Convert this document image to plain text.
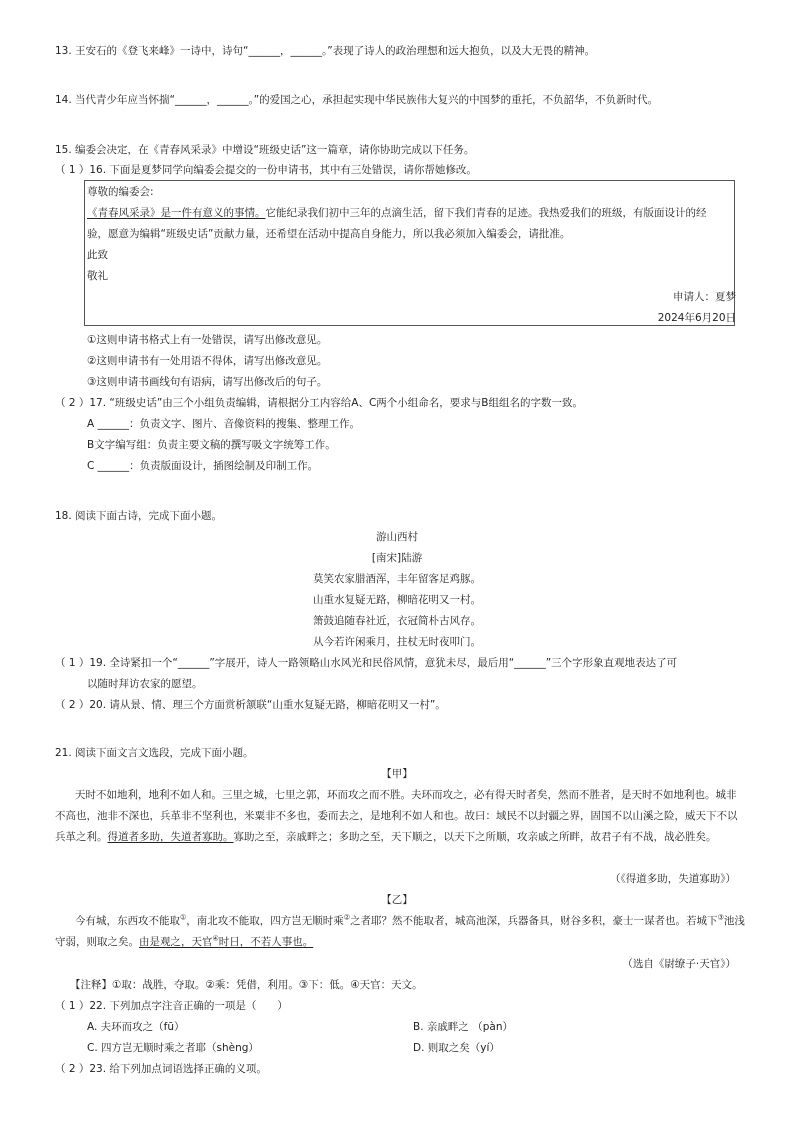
13. 王安石的《登飞来峰》一诗中，诗句“______，______。”表现了诗人的政治理想和远大抱负，以及大无畏的精神。
14. 当代青少年应当怀揣“______，______。”的爱国之心，承担起实现中华民族伟大复兴的中国梦的重托，不负韶华，不负新时代。
15. 编委会决定，在《青春风采录》中增设“班级史话”这一篇章，请你协助完成以下任务。
（ 1 ）16. 下面是夏梦同学向编委会提交的一份申请书，其中有三处错误，请你帮她修改。
尊敬的编委会:
《青春风采录》是一件有意义的事情。它能纪录我们初中三年的点滴生活，留下我们青春的足迹。我热爱我们的班级，有版面设计的经
验，愿意为编辑“班级史话”贡献力量，还希望在活动中提高自身能力，所以我必须加入编委会，请批准。
此致
敬礼
申请人：夏梦
2024年6月20日
①这则申请书格式上有一处错误，请写出修改意见。
②这则申请书有一处用语不得体，请写出修改意见。
③这则申请书画线句有语病，请写出修改后的句子。
（ 2 ）17. “班级史话”由三个小组负责编辑，请根据分工内容给A、C两个小组命名，要求与B组组名的字数一致。
A ______：负责文字、图片、音像资料的搜集、整理工作。
B文字编写组：负责主要文稿的撰写吸文字统筹工作。
C ______：负责版面设计，插图绘制及印制工作。
18. 阅读下面古诗，完成下面小题。
游山西村
[南宋]陆游
莫笑农家腊酒浑，丰年留客足鸡豚。
山重水复疑无路，柳暗花明又一村。
箫鼓追随春社近，衣冠简朴古风存。
从今若许闲乘月，拄杖无时夜叩门。
（ 1 ）19. 全诗紧扣一个“______”字展开，诗人一路领略山水风光和民俗风情，意犹未尽，最后用“______”三个字形象直观地表达了可
以随时拜访农家的愿望。
（ 2 ）20. 请从景、情、理三个方面赏析颔联“山重水复疑无路，柳暗花明又一村”。
21. 阅读下面文言文选段，完成下面小题。
【甲】
天时不如地利，地利不如人和。三里之城，七里之郭，环而攻之而不胜。夫环而攻之，必有得天时者矣，然而不胜者，是天时不如地利也。城非不高也，池非不深也，兵革非不坚利也，米粟非不多也，委而去之，是地利不如人和也。故曰：域民不以封疆之界，固国不以山溪之险，威天下不以兵革之利。得道者多助，失道者寡助。寡助之至，亲戚畔之；多助之至，天下顺之，以天下之所顺，攻亲戚之所畔，故君子有不战，战必胜矣。
（《得道多助，失道寡助》）
【乙】
今有城，东西攻不能取①，南北攻不能取，四方岂无顺时乘②之者耶？然不能取者，城高池深，兵器备具，财谷多积，豪士一谋者也。若城下③池浅守弱，则取之矣。由是观之，天官④时日，不若人事也。
（选自《尉缭子·天官》）
【注释】①取：战胜，夺取。②乘：凭借，利用。③下：低。④天官：天文。
（ 1 ）22. 下列加点字注音正确的一项是（　　）
A. 夫环而攻之（fū）	B. 亲戚畔之 （pàn）
C. 四方岂无顺时乘之者耶（shèng）	D. 则取之矣（yí）
（ 2 ）23. 给下列加点词语选择正确的义项。
